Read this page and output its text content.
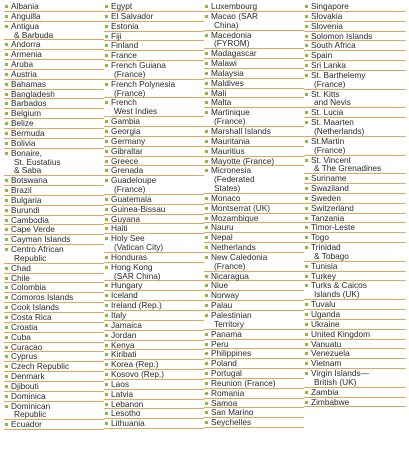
Albania
Anguilla
Antigua
& Barbuda
Andorra
Armenia
Aruba
Austria
Bahamas
Bangladesh
Barbados
Belgium
Belize
Bermuda
Bolivia
Bonaire,
St. Eustatius
& Saba
Botswana
Brazil
Bulgaria
Burundi
Cambodia
Cape Verde
Cayman Islands
Centro African
Republic
Chad
Chile
Colombia
Comoros Islands
Cook Islands
Costa Rica
Croatia
Cuba
Curacao
Cyprus
Czech Republic
Denmark
Djibouti
Dominica
Dominican
Republic
Ecuador
Egypt
El Salvador
Estonia
Fiji
Finland
France
French Guiana
(France)
French Polynesia
(France)
French
West Indies
Gambia
Georgia
Germany
Gibraltar
Greece
Grenada
Guadeloupe
(France)
Guatemala
Guinea-Bissau
Guyana
Haiti
Holy See
(Vatican City)
Honduras
Hong Kong
(SAR China)
Hungary
Iceland
Ireland (Rep.)
Italy
Jamaica
Jordan
Kenya
Kiribati
Korea (Rep.)
Kosovo (Rep.)
Laos
Latvia
Lebanon
Lesotho
Lithuania
Luxembourg
Macao (SAR
China)
Macedonia
(FYROM)
Madagascar
Malawi
Malaysia
Maldives
Mali
Malta
Martinique
(France)
Marshall Islands
Mauritania
Mauritius
Mayotte (France)
Micronesia
(Federated
States)
Monaco
Montserrat (UK)
Mozambique
Nauru
Nepal
Netherlands
New Caledonia
(France)
Nicaragua
Niue
Norway
Palau
Palestinian
Territory
Panama
Peru
Philippines
Poland
Portugal
Reunion (France)
Romania
Samoa
San Marino
Seychelles
Singapore
Slovakia
Slovenia
Solomon Islands
South Africa
Spain
Sri Lanka
St. Barthelemy
(France)
St. Kitts
and Nevis
St. Lucia
St. Maarten
(Netherlands)
St.Martin
(France)
St. Vincent
& The Grenadines
Suriname
Swaziland
Sweden
Switzerland
Tanzania
Timor-Leste
Togo
Trinidad
& Tobago
Tunisia
Turkey
Turks & Caicos
Islands (UK)
Tuvalu
Uganda
Ukraine
United Kingdom
Vanuatu
Venezuela
Vietnam
Virgin Islands—
British (UK)
Zambia
Zimbabwe
